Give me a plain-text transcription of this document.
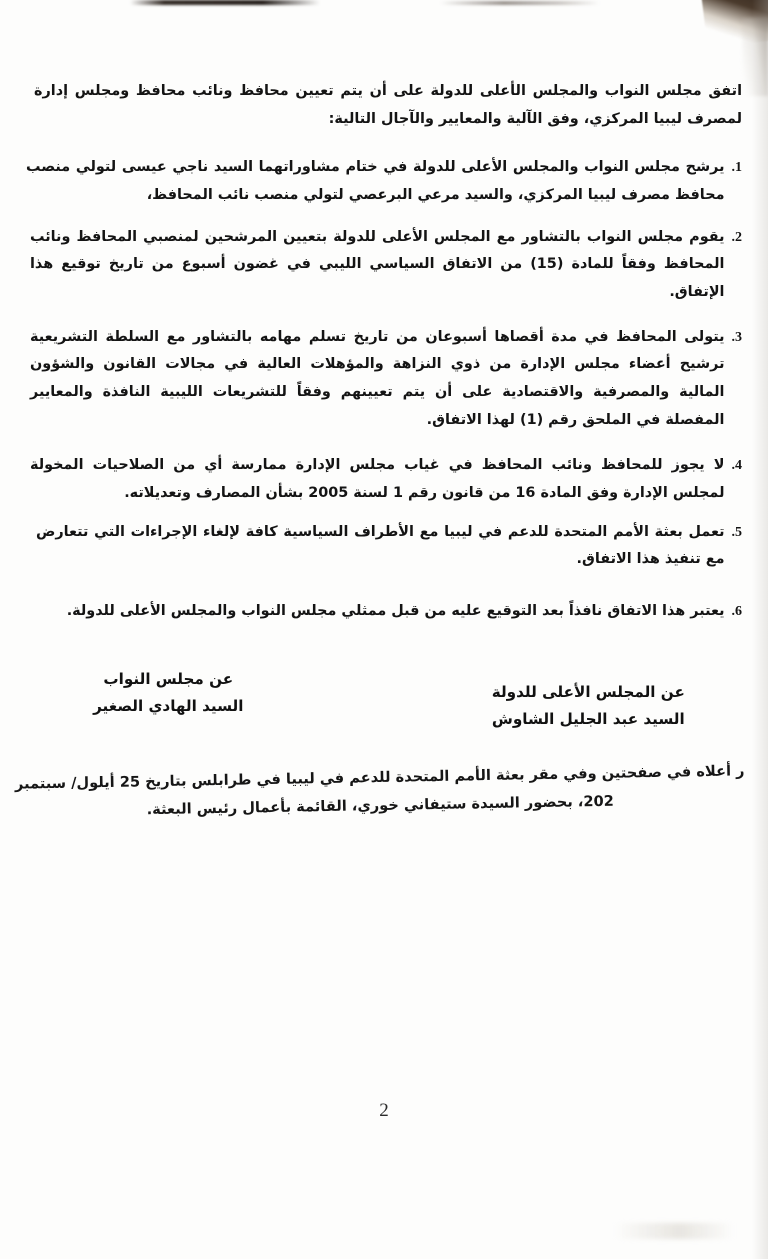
اتفق مجلس النواب والمجلس الأعلى للدولة على أن يتم تعيين محافظ ونائب محافظ ومجلس إدارة لمصرف ليبيا المركزي، وفق الآلية والمعايير والآجال التالية:

1.
يرشح مجلس النواب والمجلس الأعلى للدولة في ختام مشاوراتهما السيد ناجي عيسى لتولي منصب محافظ مصرف ليبيا المركزي، والسيد مرعي البرعصي لتولي منصب نائب المحافظ،
2.
يقوم مجلس النواب بالتشاور مع المجلس الأعلى للدولة بتعيين المرشحين لمنصبي المحافظ ونائب المحافظ وفقاً للمادة (15) من الاتفاق السياسي الليبي في غضون أسبوع من تاريخ توقيع هذا الإتفاق.
3.
يتولى المحافظ في مدة أقصاها أسبوعان من تاريخ تسلم مهامه بالتشاور مع السلطة التشريعية ترشيح أعضاء مجلس الإدارة من ذوي النزاهة والمؤهلات العالية في مجالات القانون والشؤون المالية والمصرفية والاقتصادية على أن يتم تعيينهم وفقاً للتشريعات الليبية النافذة والمعايير المفصلة في الملحق رقم (1) لهذا الاتفاق.
4.
لا يجوز للمحافظ ونائب المحافظ في غياب مجلس الإدارة ممارسة أي من الصلاحيات المخولة لمجلس الإدارة وفق المادة 16 من قانون رقم 1 لسنة 2005 بشأن المصارف وتعديلاته.
5.
تعمل بعثة الأمم المتحدة للدعم في ليبيا مع الأطراف السياسية كافة لإلغاء الإجراءات التي تتعارض مع تنفيذ هذا الاتفاق.
6.
يعتبر هذا الاتفاق نافذاً بعد التوقيع عليه من قبل ممثلي مجلس النواب والمجلس الأعلى للدولة.
عن المجلس الأعلى للدولة
السيد عبد الجليل الشاوش
عن مجلس النواب
السيد الهادي الصغير
ر أعلاه في صفحتين وفي مقر بعثة الأمم المتحدة للدعم في ليبيا في طرابلس بتاريخ 25 أيلول/ سبتمبر
202، بحضور السيدة ستيفاني خوري، القائمة بأعمال رئيس البعثة.
2
